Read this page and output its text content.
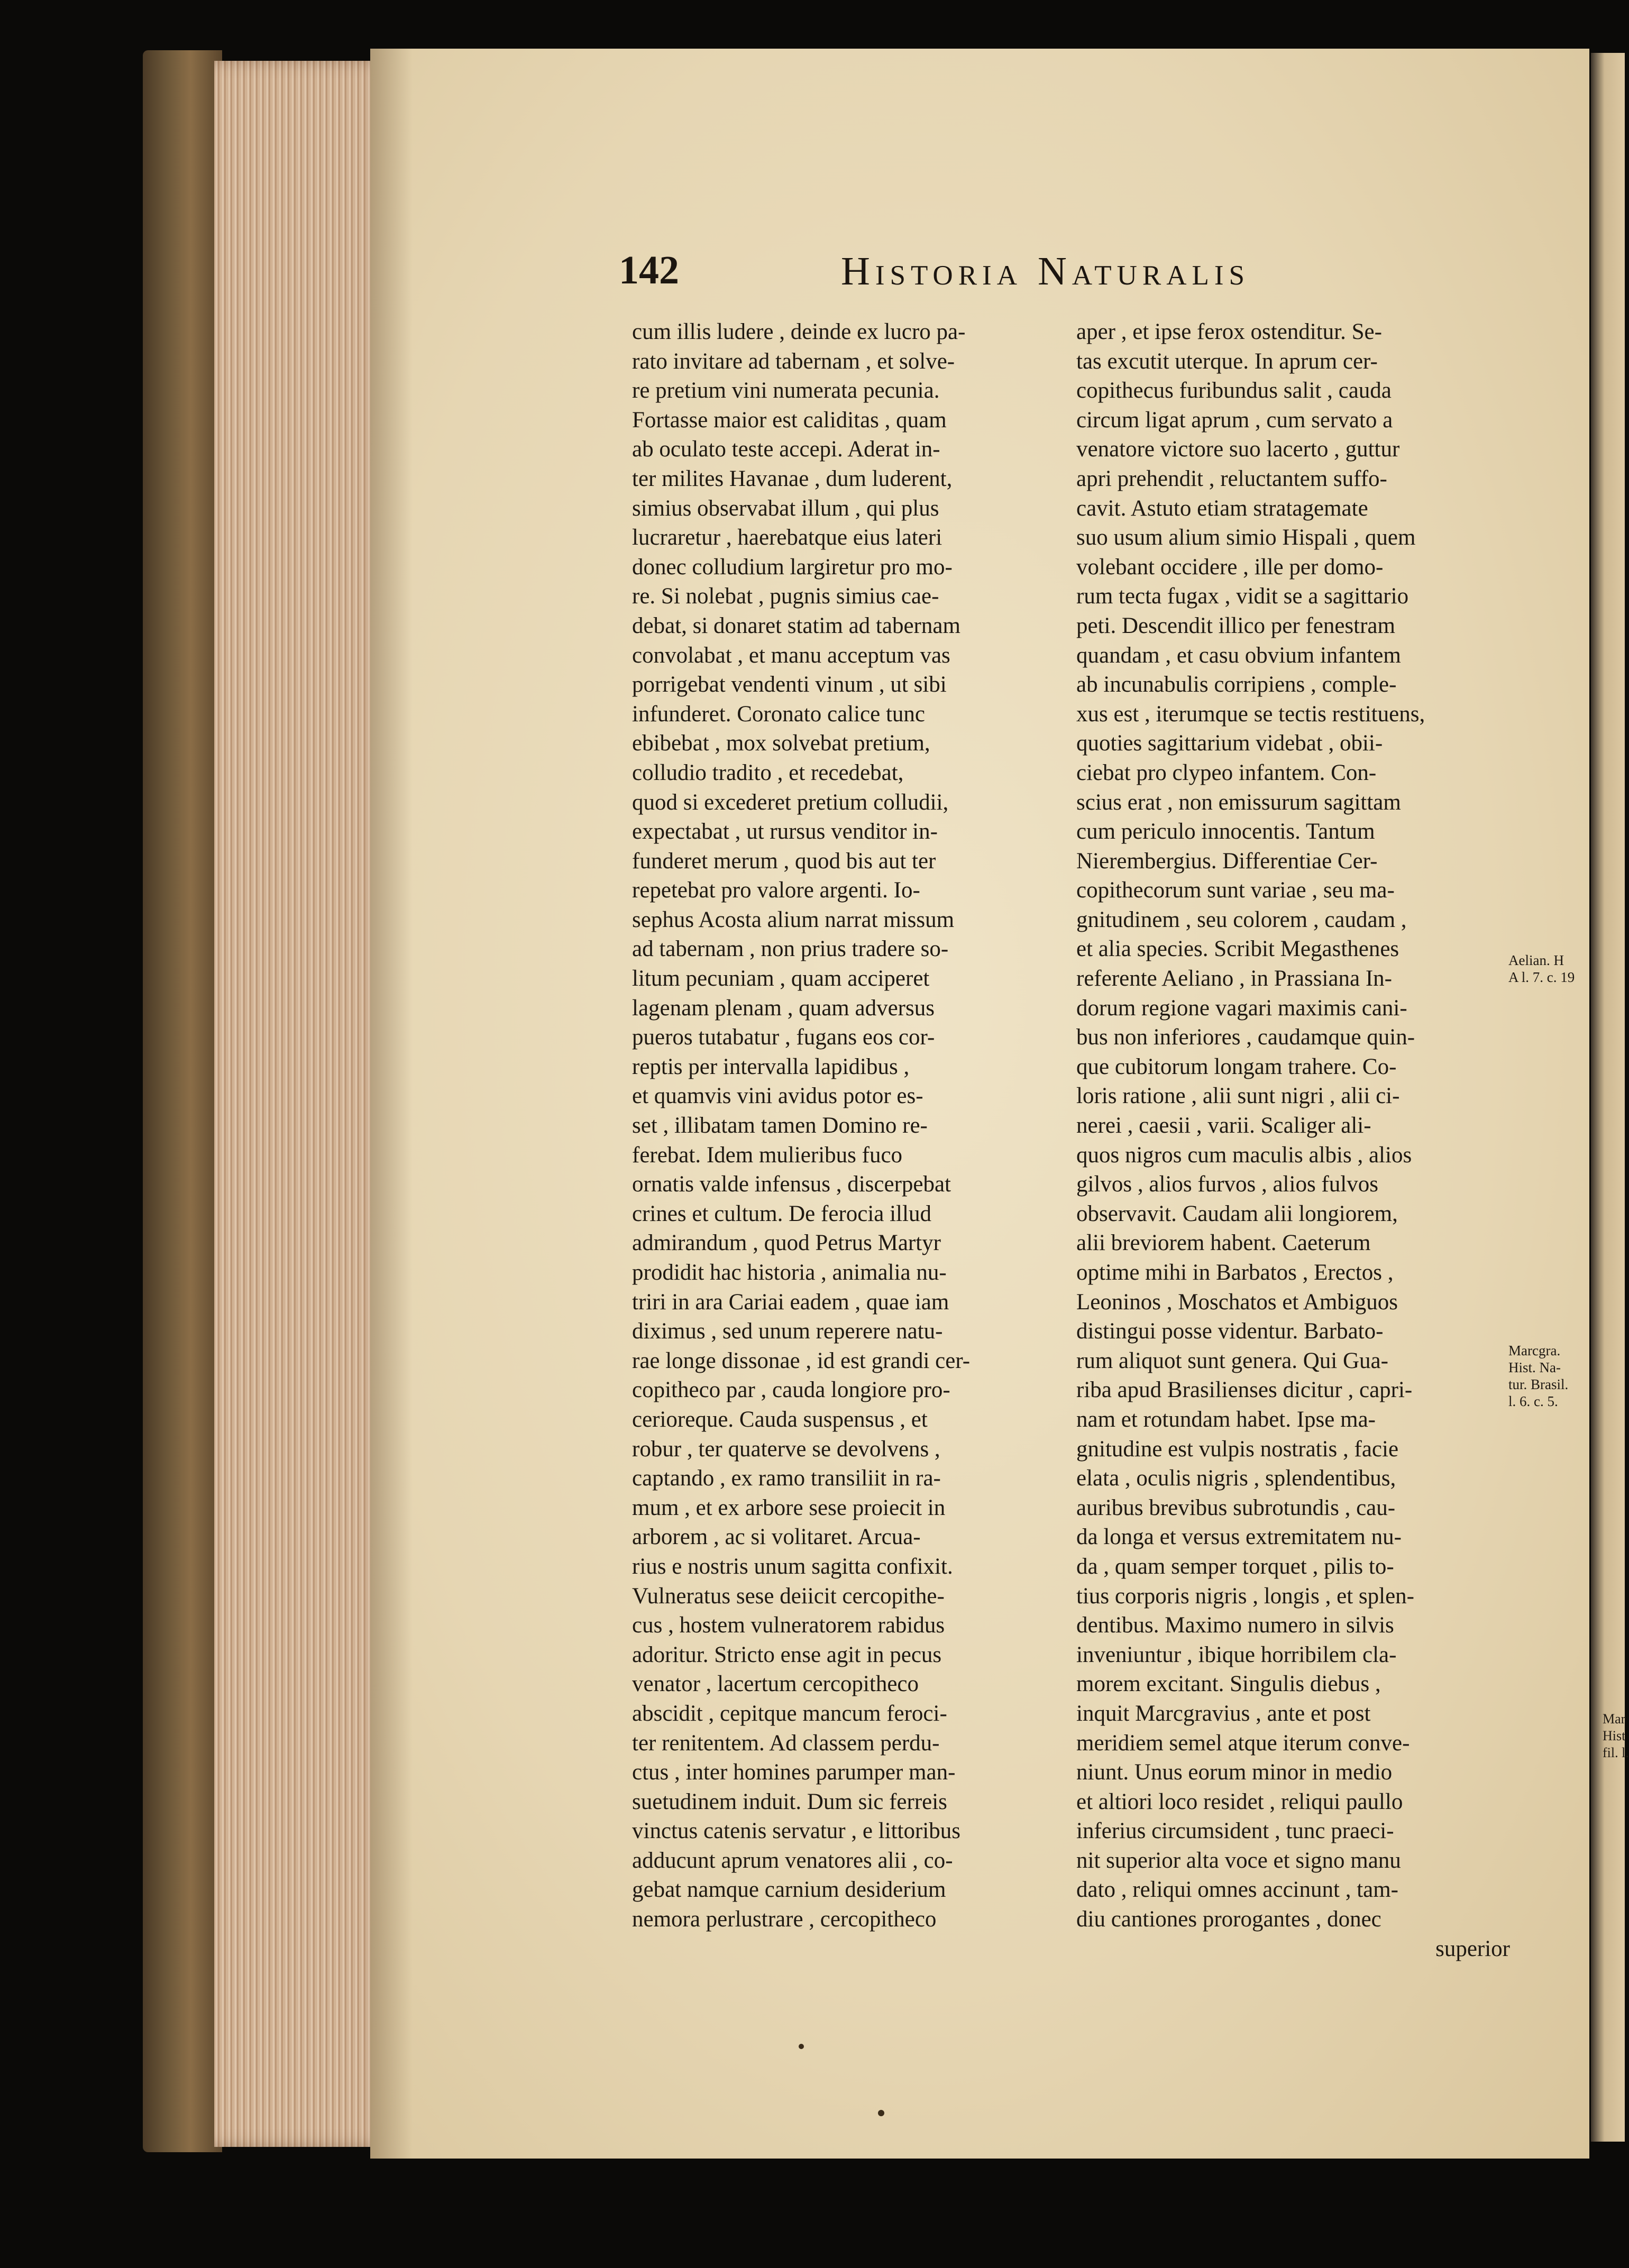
142	Historia Naturalis
cum illis ludere , deinde ex lucro pa-
rato invitare ad tabernam , et solve-
re pretium vini numerata pecunia.
Fortasse maior est caliditas , quam
ab oculato teste accepi. Aderat in-
ter milites Havanae , dum luderent,
simius observabat illum , qui plus
lucraretur , haerebatque eius lateri
donec colludium largiretur pro mo-
re. Si nolebat , pugnis simius cae-
debat, si donaret statim ad tabernam
convolabat , et manu acceptum vas
porrigebat vendenti vinum , ut sibi
infunderet. Coronato calice tunc
ebibebat , mox solvebat pretium,
colludio tradito , et recedebat,
quod si excederet pretium colludii,
expectabat , ut rursus venditor in-
funderet merum , quod bis aut ter
repetebat pro valore argenti. Io-
sephus Acosta alium narrat missum
ad tabernam , non prius tradere so-
litum pecuniam , quam acciperet
lagenam plenam , quam adversus
pueros tutabatur , fugans eos cor-
reptis per intervalla lapidibus ,
et quamvis vini avidus potor es-
set , illibatam tamen Domino re-
ferebat. Idem mulieribus fuco
ornatis valde infensus , discerpebat
crines et cultum. De ferocia illud
admirandum , quod Petrus Martyr
prodidit hac historia , animalia nu-
triri in ara Cariai eadem , quae iam
diximus , sed unum reperere natu-
rae longe dissonae , id est grandi cer-
copitheco par , cauda longiore pro-
cerioreque. Cauda suspensus , et
robur , ter quaterve se devolvens ,
captando , ex ramo transiliit in ra-
mum , et ex arbore sese proiecit in
arborem , ac si volitaret. Arcua-
rius e nostris unum sagitta confixit.
Vulneratus sese deiicit cercopithe-
cus , hostem vulneratorem rabidus
adoritur. Stricto ense agit in pecus
venator , lacertum cercopitheco
abscidit , cepitque mancum feroci-
ter renitentem. Ad classem perdu-
ctus , inter homines parumper man-
suetudinem induit. Dum sic ferreis
vinctus catenis servatur , e littoribus
adducunt aprum venatores alii , co-
gebat namque carnium desiderium
nemora perlustrare , cercopitheco
aper , et ipse ferox ostenditur. Se-
tas excutit uterque. In aprum cer-
copithecus furibundus salit , cauda
circum ligat aprum , cum servato a
venatore victore suo lacerto , guttur
apri prehendit , reluctantem suffo-
cavit. Astuto etiam stratagemate
suo usum alium simio Hispali , quem
volebant occidere , ille per domo-
rum tecta fugax , vidit se a sagittario
peti. Descendit illico per fenestram
quandam , et casu obvium infantem
ab incunabulis corripiens , comple-
xus est , iterumque se tectis restituens,
quoties sagittarium videbat , obii-
ciebat pro clypeo infantem. Con-
scius erat , non emissurum sagittam
cum periculo innocentis. Tantum
Nierembergius. Differentiae Cer-
copithecorum sunt variae , seu ma-
gnitudinem , seu colorem , caudam ,
et alia species. Scribit Megasthenes
referente Aeliano , in Prassiana In-
dorum regione vagari maximis cani-
bus non inferiores , caudamque quin-
que cubitorum longam trahere. Co-
loris ratione , alii sunt nigri , alii ci-
nerei , caesii , varii. Scaliger ali-
quos nigros cum maculis albis , alios
gilvos , alios furvos , alios fulvos
observavit. Caudam alii longiorem,
alii breviorem habent. Caeterum
optime mihi in Barbatos , Erectos ,
Leoninos , Moschatos et Ambiguos
distingui posse videntur. Barbato-
rum aliquot sunt genera. Qui Gua-
riba apud Brasilienses dicitur , capri-
nam et rotundam habet. Ipse ma-
gnitudine est vulpis nostratis , facie
elata , oculis nigris , splendentibus,
auribus brevibus subrotundis , cau-
da longa et versus extremitatem nu-
da , quam semper torquet , pilis to-
tius corporis nigris , longis , et splen-
dentibus. Maximo numero in silvis
inveniuntur , ibique horribilem cla-
morem excitant. Singulis diebus ,
inquit Marcgravius , ante et post
meridiem semel atque iterum conve-
niunt. Unus eorum minor in medio
et altiori loco residet , reliqui paullo
inferius circumsident , tunc praeci-
nit superior alta voce et signo manu
dato , reliqui omnes accinunt , tam-
diu cantiones prorogantes , donec
superior
Aelian. H
A l. 7. c. 19
Marcgra.
Hist. Na-
tur. Brasil.
l. 6. c. 5.
Mar
Hist
fil. l.
